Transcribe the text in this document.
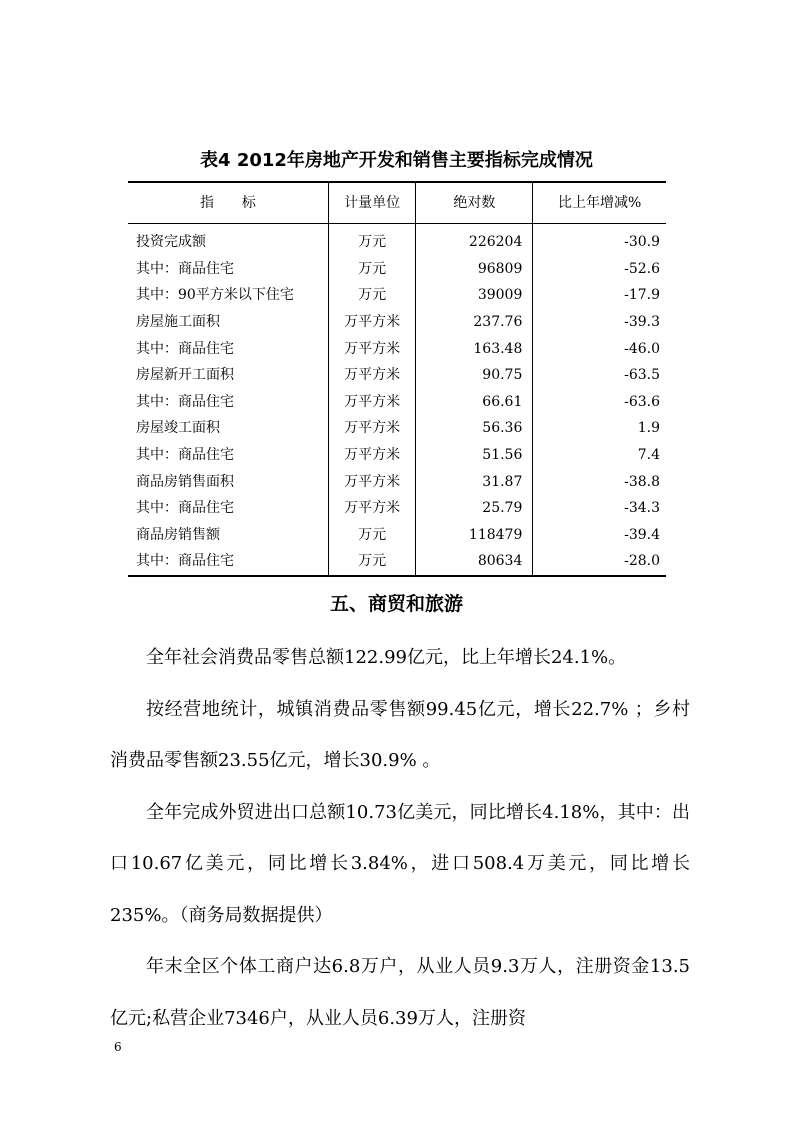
表4 2012年房地产开发和销售主要指标完成情况
指　　标	计量单位	绝对数	比上年增减%
投资完成额	万元	226204	-30.9
其中：商品住宅	万元	96809	-52.6
其中：90平方米以下住宅	万元	39009	-17.9
房屋施工面积	万平方米	237.76	-39.3
其中：商品住宅	万平方米	163.48	-46.0
房屋新开工面积	万平方米	90.75	-63.5
其中：商品住宅	万平方米	66.61	-63.6
房屋竣工面积	万平方米	56.36	1.9
其中：商品住宅	万平方米	51.56	7.4
商品房销售面积	万平方米	31.87	-38.8
其中：商品住宅	万平方米	25.79	-34.3
商品房销售额	万元	118479	-39.4
其中：商品住宅	万元	80634	-28.0
五、商贸和旅游

全年社会消费品零售总额122.99亿元，比上年增长24.1%。

按经营地统计，城镇消费品零售额99.45亿元，增长22.7% ；乡村消费品零售额23.55亿元，增长30.9% 。

全年完成外贸进出口总额10.73亿美元，同比增长4.18%，其中：出口10.67亿美元，同比增长3.84%，进口508.4万美元，同比增长235%。（商务局数据提供）

年末全区个体工商户达6.8万户，从业人员9.3万人，注册资金13.5亿元;私营企业7346户，从业人员6.39万人，注册资

6
